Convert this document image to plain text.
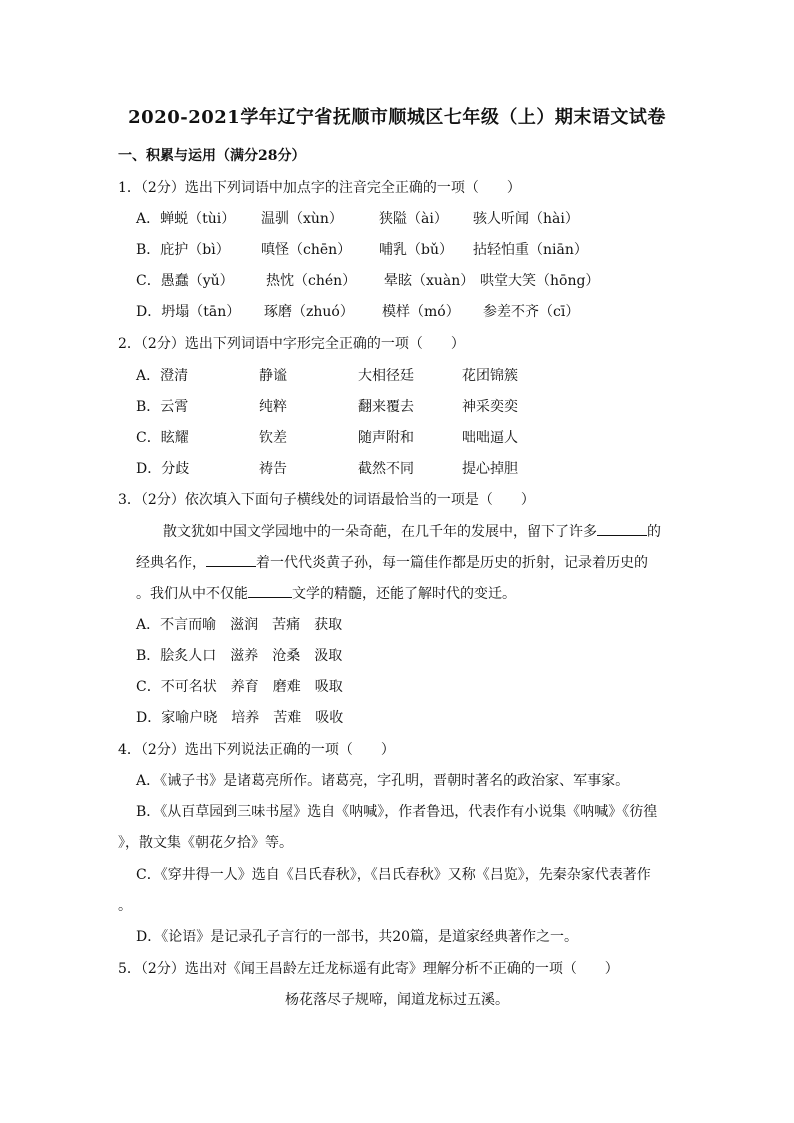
2020-2021学年辽宁省抚顺市顺城区七年级（上）期末语文试卷
一、积累与运用（满分28分）
1．（2分）选出下列词语中加点字的注音完全正确的一项（　　）
A．蝉蜕（tùi） 温驯（xùn）	狭隘（ài） 骇人听闻（hài）
B．庇护（bì） 嗔怪（chēn） 哺乳（bǔ） 拈轻怕重（niān）
C．愚蠢（yǔ） 热忱（chén） 晕眩（xuàn） 哄堂大笑（hōng）
D．坍塌（tān） 琢磨（zhuó） 模样（mó） 参差不齐（cī）
2．（2分）选出下列词语中字形完全正确的一项（　　）
A．澄清	静谧	大相径廷	花团锦簇
B．云霄	纯粹	翻来覆去	神采奕奕
C．眩耀	钦差	随声附和	咄咄逼人
D．分歧	祷告	截然不同	提心掉胆
3．（2分）依次填入下面句子横线处的词语最恰当的一项是（　　）
散文犹如中国文学园地中的一朵奇葩，在几千年的发展中，留下了许多	的
经典名作，	着一代代炎黄子孙，每一篇佳作都是历史的折射，记录着历史的
。我们从中不仅能	文学的精髓，还能了解时代的变迁。
A．不言而喻　滋润　苦痛　获取
B．脍炙人口　滋养　沧桑　汲取
C．不可名状　养育　磨难　吸取
D．家喻户晓　培养　苦难　吸收
4．（2分）选出下列说法正确的一项（　　）
A．《诫子书》是诸葛亮所作。诸葛亮，字孔明，晋朝时著名的政治家、军事家。
B．《从百草园到三味书屋》选自《呐喊》，作者鲁迅，代表作有小说集《呐喊》《彷徨
》，散文集《朝花夕拾》等。
C．《穿井得一人》选自《吕氏春秋》，《吕氏春秋》又称《吕览》，先秦杂家代表著作
。
D．《论语》是记录孔子言行的一部书，共20篇，是道家经典著作之一。
5．（2分）选出对《闻王昌龄左迁龙标遥有此寄》理解分析不正确的一项（　　）
杨花落尽子规啼，闻道龙标过五溪。
